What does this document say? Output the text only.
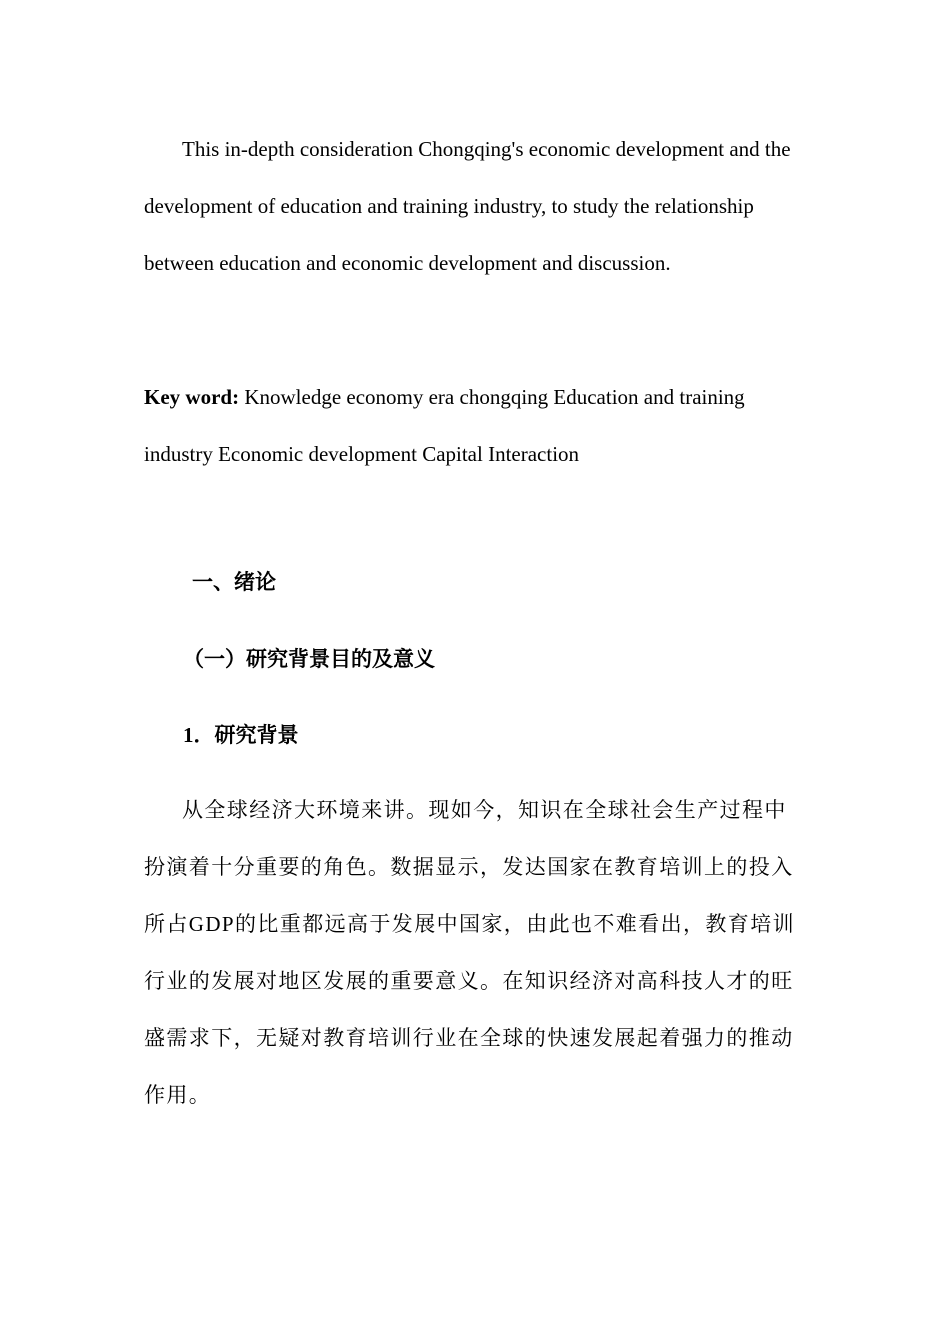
This in-depth consideration Chongqing's economic development and the development of education and training industry, to study the relationship between education and economic development and discussion.

Key word: Knowledge economy era chongqing Education and training industry Economic development Capital Interaction

一、绪论
（一）研究背景目的及意义
1．研究背景

从全球经济大环境来讲。现如今，知识在全球社会生产过程中扮演着十分重要的角色。数据显示，发达国家在教育培训上的投入所占GDP的比重都远高于发展中国家，由此也不难看出，教育培训行业的发展对地区发展的重要意义。在知识经济对高科技人才的旺盛需求下，无疑对教育培训行业在全球的快速发展起着强力的推动作用。
